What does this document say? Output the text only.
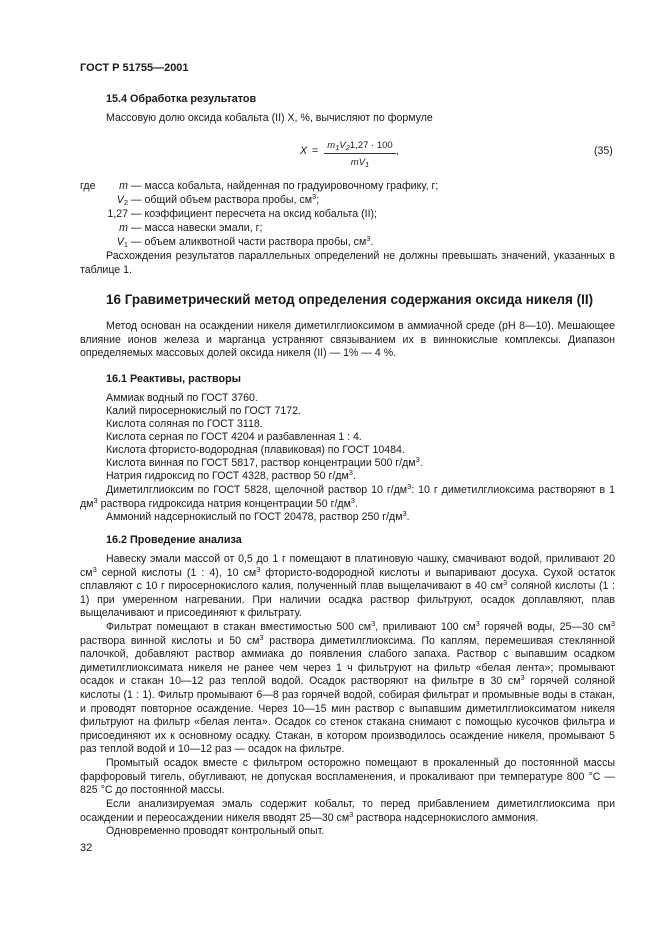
ГОСТ Р 51755—2001
15.4 Обработка результатов
Массовую долю оксида кобальта (II) X, %, вычисляют по формуле
$X = m_1V_21,27 \cdot 100$
$mV_1$
,	(35)
где	m — масса кобальта, найденная по градуировочному графику, г;
$V_2$ — общий объем раствора пробы, $см^3$;
1,27 — коэффициент пересчета на оксид кобальта (II);
m — масса навески эмали, г;
$V_1$ — объем аликвотной части раствора пробы, $см^3$.
Расхождения результатов параллельных определений не должны превышать значений, указанных в таблице 1.
16 Гравиметрический метод определения содержания оксида никеля (II)
Метод основан на осаждении никеля диметилглиоксимом в аммиачной среде (pH 8—10). Мешающее влияние ионов железа и марганца устраняют связыванием их в виннокислые комплексы. Диапазон определяемых массовых долей оксида никеля (II) — 1% — 4 %.
16.1 Реактивы, растворы
Аммиак водный по ГОСТ 3760.
Калий пиросернокислый по ГОСТ 7172.
Кислота соляная по ГОСТ 3118.
Кислота серная по ГОСТ 4204 и разбавленная 1 : 4.
Кислота фтористо-водородная (плавиковая) по ГОСТ 10484.
Кислота винная по ГОСТ 5817, раствор концентрации 500 $г/дм^3$.
Натрия гидроксид по ГОСТ 4328, раствор 50 $г/дм^3$.
Диметилглиоксим по ГОСТ 5828, щелочной раствор 10 $г/дм^3$: 10 г диметилглиоксима растворяют в 1 $дм^3$ раствора гидроксида натрия концентрации 50 $г/дм^3$.
Аммоний надсернокислый по ГОСТ 20478, раствор 250 $г/дм^3$.
16.2 Проведение анализа
Навеску эмали массой от 0,5 до 1 г помещают в платиновую чашку, смачивают водой, приливают 20 $см^3$ серной кислоты (1 : 4), 10 $см^3$ фтористо-водородной кислоты и выпаривают досуха. Сухой остаток сплавляют с 10 г пиросернокислого калия, полученный плав выщелачивают в 40 $см^3$ соляной кислоты (1 : 1) при умеренном нагревании. При наличии осадка раствор фильтруют, осадок доплавляют, плав выщелачивают и присоединяют к фильтрату.
Фильтрат помещают в стакан вместимостью 500 $см^3$, приливают 100 $см^3$ горячей воды, 25—30 $см^3$ раствора винной кислоты и 50 $см^3$ раствора диметилглиоксима. По каплям, перемешивая стеклянной палочкой, добавляют раствор аммиака до появления слабого запаха. Раствор с выпавшим осадком диметилглиоксимата никеля не ранее чем через 1 ч фильтруют на фильтр «белая лента»; промывают осадок и стакан 10—12 раз теплой водой. Осадок растворяют на фильтре в 30 $см^3$ горячей соляной кислоты (1 : 1). Фильтр промывают 6—8 раз горячей водой, собирая фильтрат и промывные воды в стакан, и проводят повторное осаждение. Через 10—15 мин раствор с выпавшим диметилглиоксиматом никеля фильтруют на фильтр «белая лента». Осадок со стенок стакана снимают с помощью кусочков фильтра и присоединяют их к основному осадку. Стакан, в котором производилось осаждение никеля, промывают 5 раз теплой водой и 10—12 раз — осадок на фильтре.
Промытый осадок вместе с фильтром осторожно помещают в прокаленный до постоянной массы фарфоровый тигель, обугливают, не допуская воспламенения, и прокаливают при температуре 800 °C — 825 °C до постоянной массы.
Если анализируемая эмаль содержит кобальт, то перед прибавлением диметилглиоксима при осаждении и переосаждении никеля вводят 25—30 $см^3$ раствора надсернокислого аммония.
Одновременно проводят контрольный опыт.
32
